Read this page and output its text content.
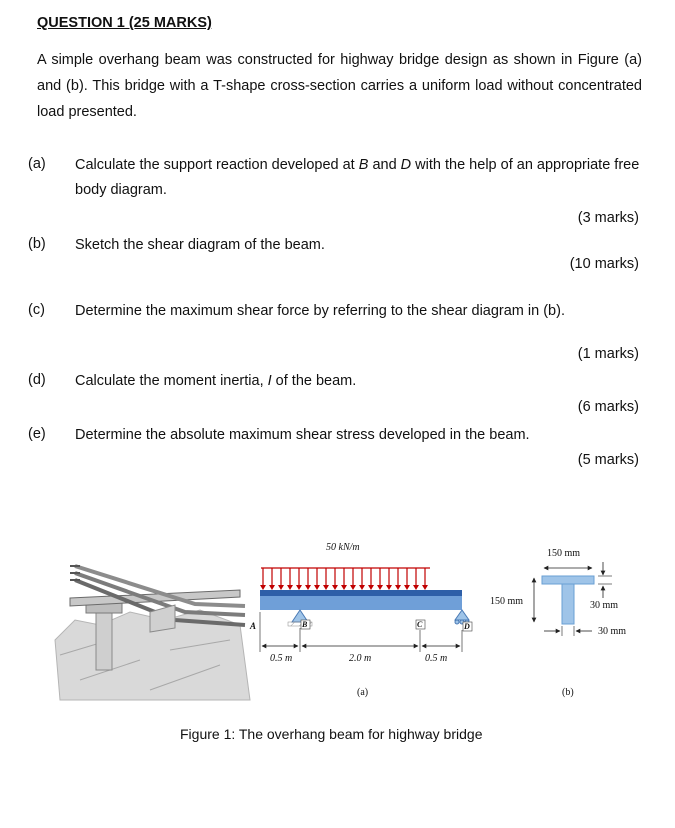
QUESTION 1 (25 MARKS)

A simple overhang beam was constructed for highway bridge design as shown in Figure (a) and (b). This bridge with a T-shape cross-section carries a uniform load without concentrated load presented.

(a) Calculate the support reaction developed at B and D with the help of an appropriate free body diagram.
(3 marks)
(b) Sketch the shear diagram of the beam.
(10 marks)
(c) Determine the maximum shear force by referring to the shear diagram in (b).
(1 marks)
(d) Calculate the moment inertia, I of the beam.
(6 marks)
(e) Determine the absolute maximum shear stress developed in the beam.
(5 marks)
50 kN/m
A	B	C	D
0.5 m	2.0 m	0.5 m
(a)
150 mm
150 mm	30 mm
30 mm
(b)
Figure 1: The overhang beam for highway bridge
